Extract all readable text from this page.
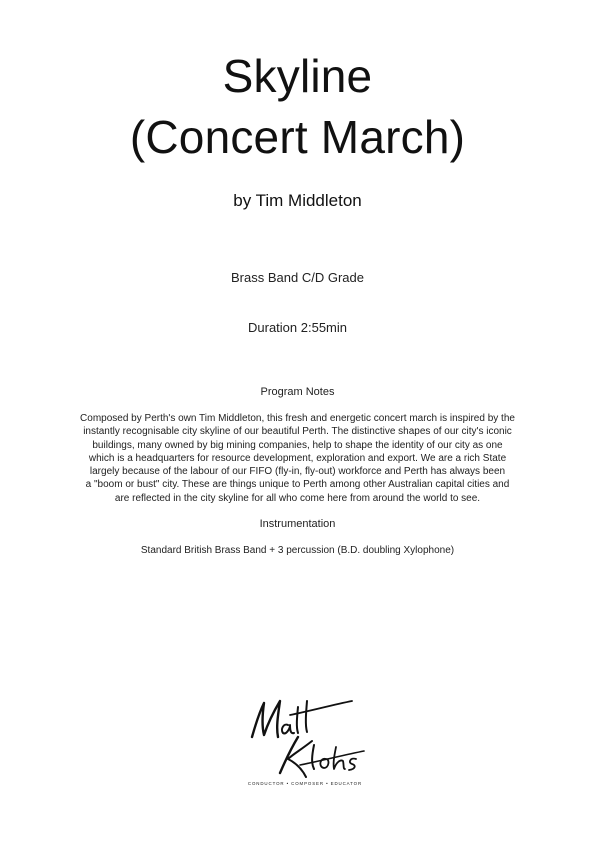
Skyline
(Concert March)
by Tim Middleton
Brass Band C/D Grade
Duration 2:55min
Program Notes
Composed by Perth's own Tim Middleton, this fresh and energetic concert march is inspired by the
instantly recognisable city skyline of our beautiful Perth. The distinctive shapes of our city's iconic
buildings, many owned by big mining companies, help to shape the identity of our city as one
which is a headquarters for resource development, exploration and export. We are a rich State
largely because of the labour of our FIFO (fly-in, fly-out) workforce and Perth has always been
a "boom or bust" city. These are things unique to Perth among other Australian capital cities and
are reflected in the city skyline for all who come here from around the world to see.
Instrumentation
Standard British Brass Band + 3 percussion (B.D. doubling Xylophone)
CONDUCTOR • COMPOSER • EDUCATOR
